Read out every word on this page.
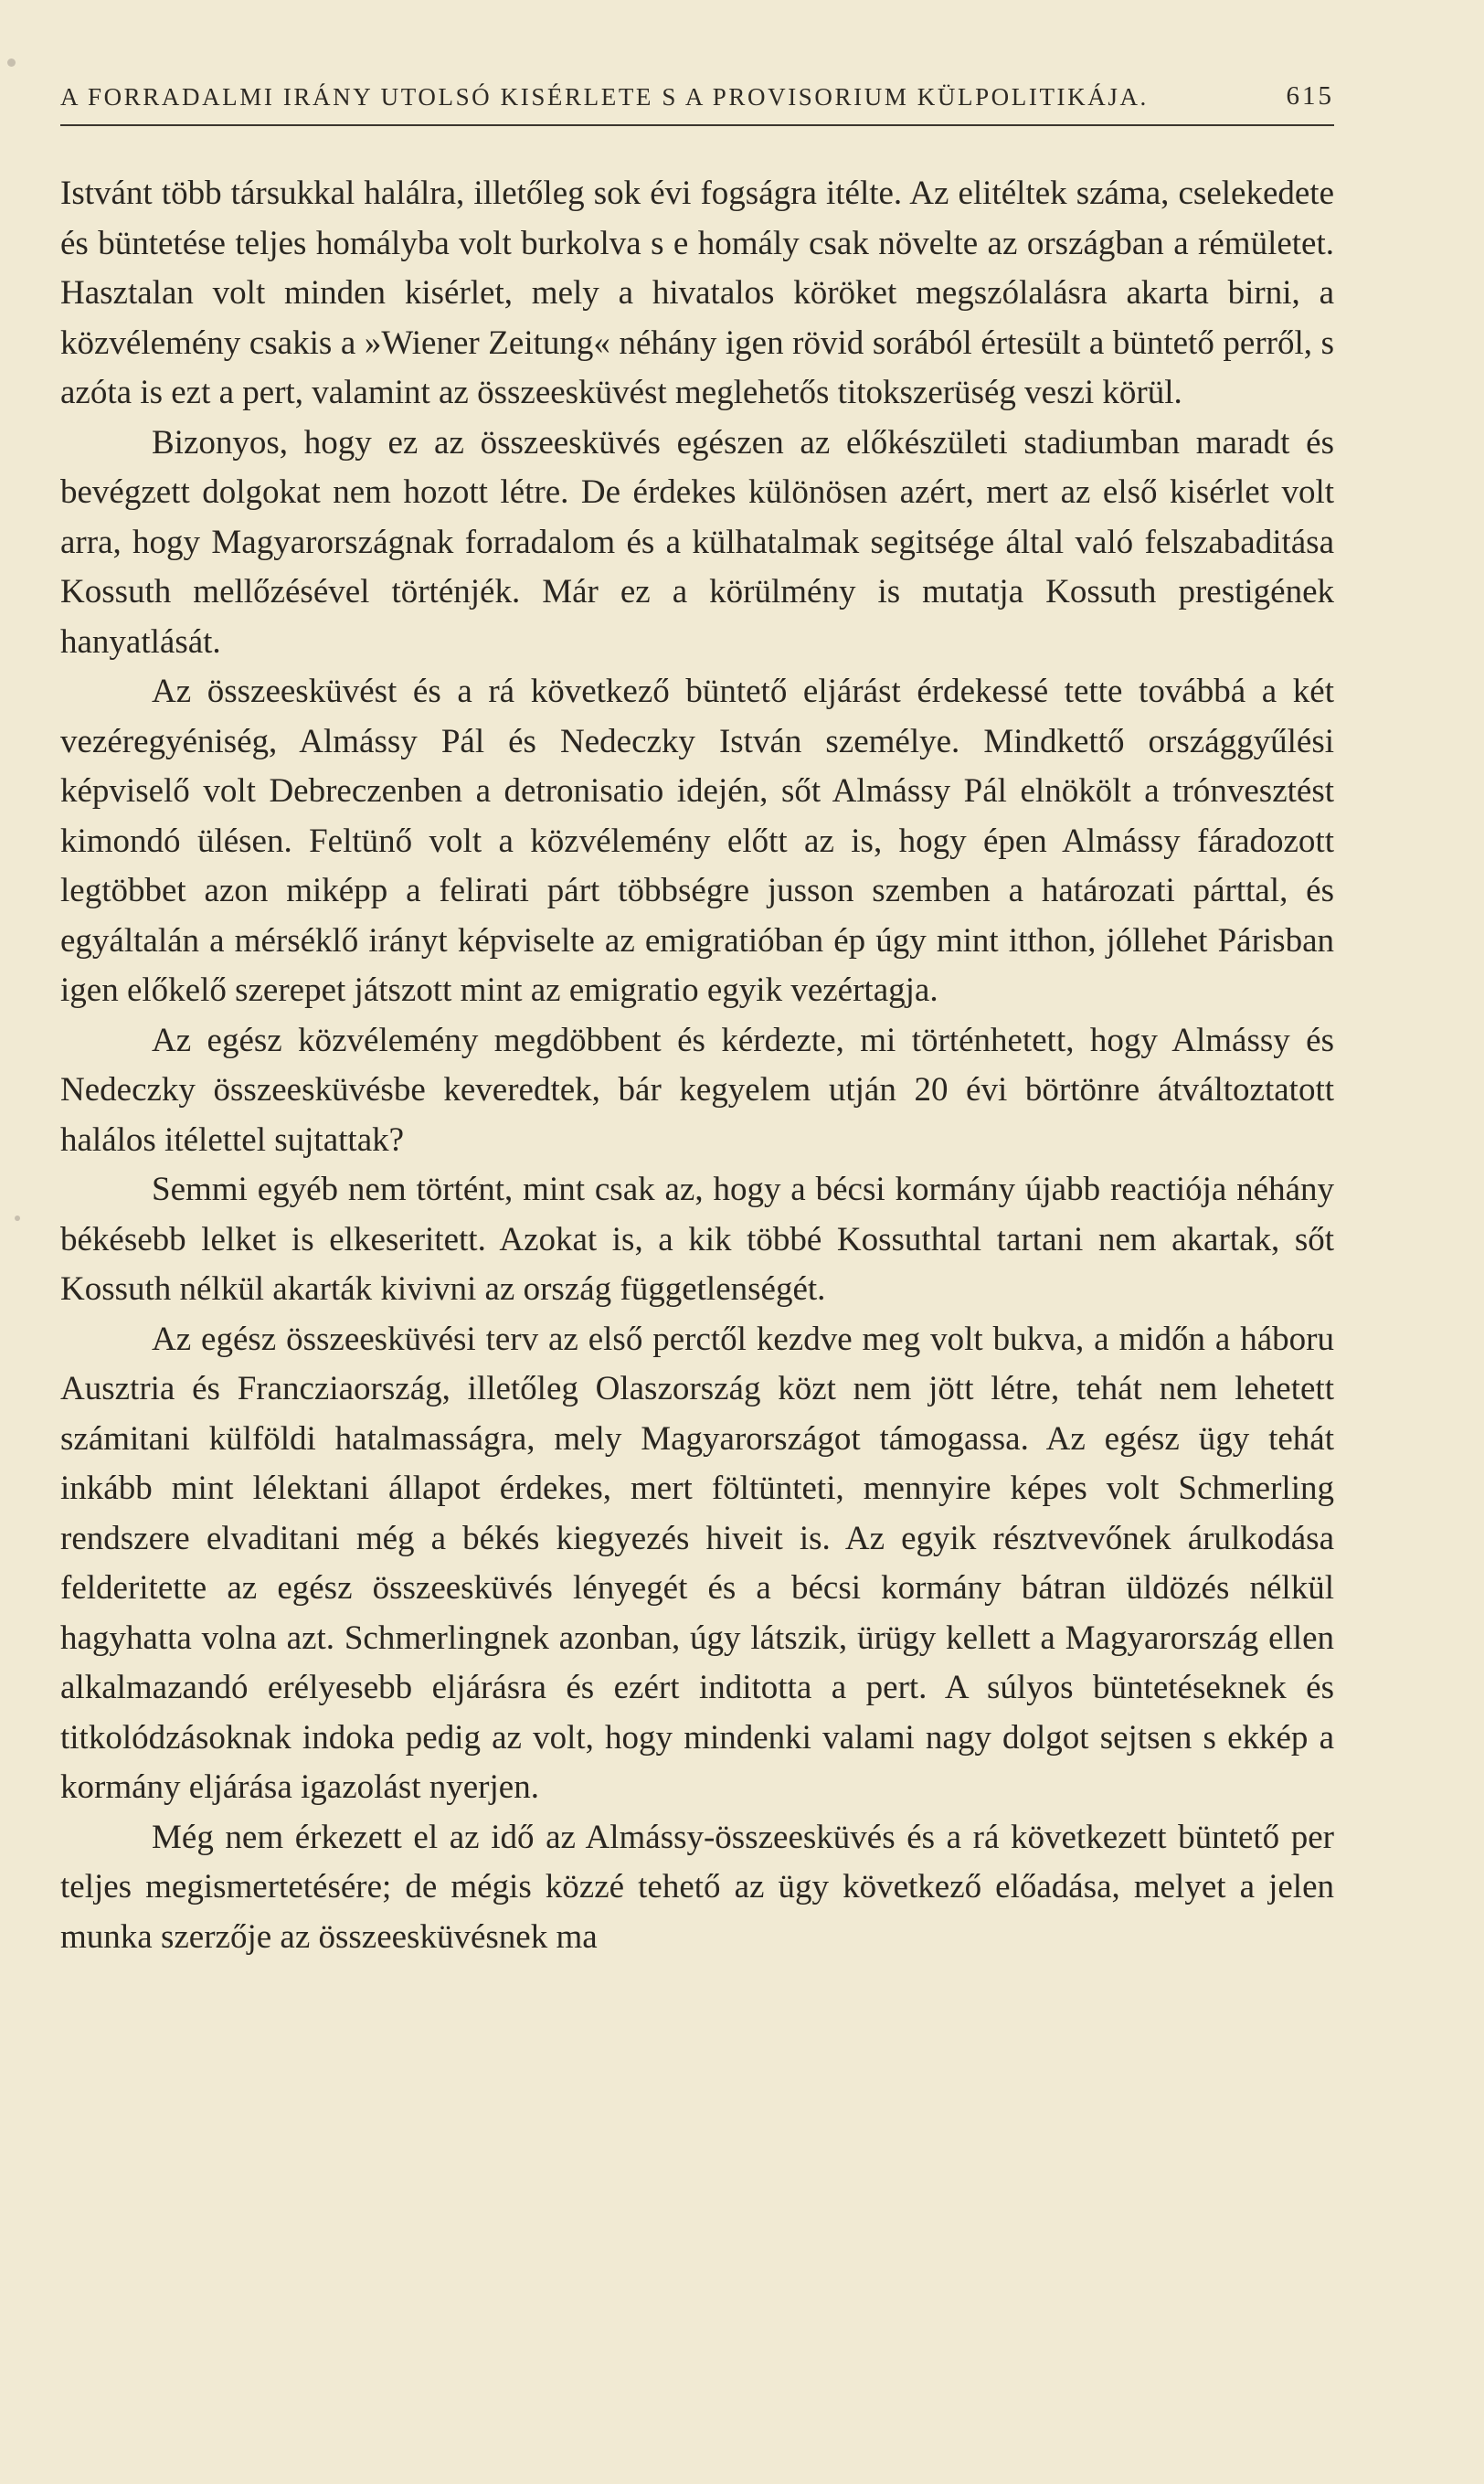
A FORRADALMI IRÁNY UTOLSÓ KISÉRLETE S A PROVISORIUM KÜLPOLITIKÁJA.	615

Istvánt több társukkal halálra, illetőleg sok évi fogságra itélte. Az elitéltek száma, cselekedete és büntetése teljes homályba volt burkolva s e homály csak növelte az országban a rémületet. Hasztalan volt minden kisérlet, mely a hivatalos köröket megszólalásra akarta birni, a közvélemény csakis a »Wiener Zeitung« néhány igen rövid sorából értesült a büntető perről, s azóta is ezt a pert, valamint az összeesküvést meglehetős titokszerüség veszi körül.

Bizonyos, hogy ez az összeesküvés egészen az előkészületi stadiumban maradt és bevégzett dolgokat nem hozott létre. De érdekes különösen azért, mert az első kisérlet volt arra, hogy Magyarországnak forradalom és a külhatalmak segitsége által való felszabaditása Kossuth mellőzésével történjék. Már ez a körülmény is mutatja Kossuth prestigének hanyatlását.

Az összeesküvést és a rá következő büntető eljárást érdekessé tette továbbá a két vezéregyéniség, Almássy Pál és Nedeczky István személye. Mindkettő országgyűlési képviselő volt Debreczenben a detronisatio idején, sőt Almássy Pál elnökölt a trónvesztést kimondó ülésen. Feltünő volt a közvélemény előtt az is, hogy épen Almássy fáradozott legtöbbet azon miképp a felirati párt többségre jusson szemben a határozati párttal, és egyáltalán a mérséklő irányt képviselte az emigratióban ép úgy mint itthon, jóllehet Párisban igen előkelő szerepet játszott mint az emigratio egyik vezértagja.

Az egész közvélemény megdöbbent és kérdezte, mi történhetett, hogy Almássy és Nedeczky összeesküvésbe keveredtek, bár kegyelem utján 20 évi börtönre átváltoztatott halálos itélettel sujtattak?

Semmi egyéb nem történt, mint csak az, hogy a bécsi kormány újabb reactiója néhány békésebb lelket is elkeseritett. Azokat is, a kik többé Kossuthtal tartani nem akartak, sőt Kossuth nélkül akarták kivivni az ország függetlenségét.

Az egész összeesküvési terv az első perctől kezdve meg volt bukva, a midőn a háboru Ausztria és Francziaország, illetőleg Olaszország közt nem jött létre, tehát nem lehetett számitani külföldi hatalmasságra, mely Magyarországot támogassa. Az egész ügy tehát inkább mint lélektani állapot érdekes, mert föltünteti, mennyire képes volt Schmerling rendszere elvaditani még a békés kiegyezés hiveit is. Az egyik résztvevőnek árulkodása felderitette az egész összeesküvés lényegét és a bécsi kormány bátran üldözés nélkül hagyhatta volna azt. Schmerlingnek azonban, úgy látszik, ürügy kellett a Magyarország ellen alkalmazandó erélyesebb eljárásra és ezért inditotta a pert. A súlyos büntetéseknek és titkolódzásoknak indoka pedig az volt, hogy mindenki valami nagy dolgot sejtsen s ekkép a kormány eljárása igazolást nyerjen.

Még nem érkezett el az idő az Almássy-összeesküvés és a rá következett büntető per teljes megismertetésére; de mégis közzé tehető az ügy következő előadása, melyet a jelen munka szerzője az összeesküvésnek ma
